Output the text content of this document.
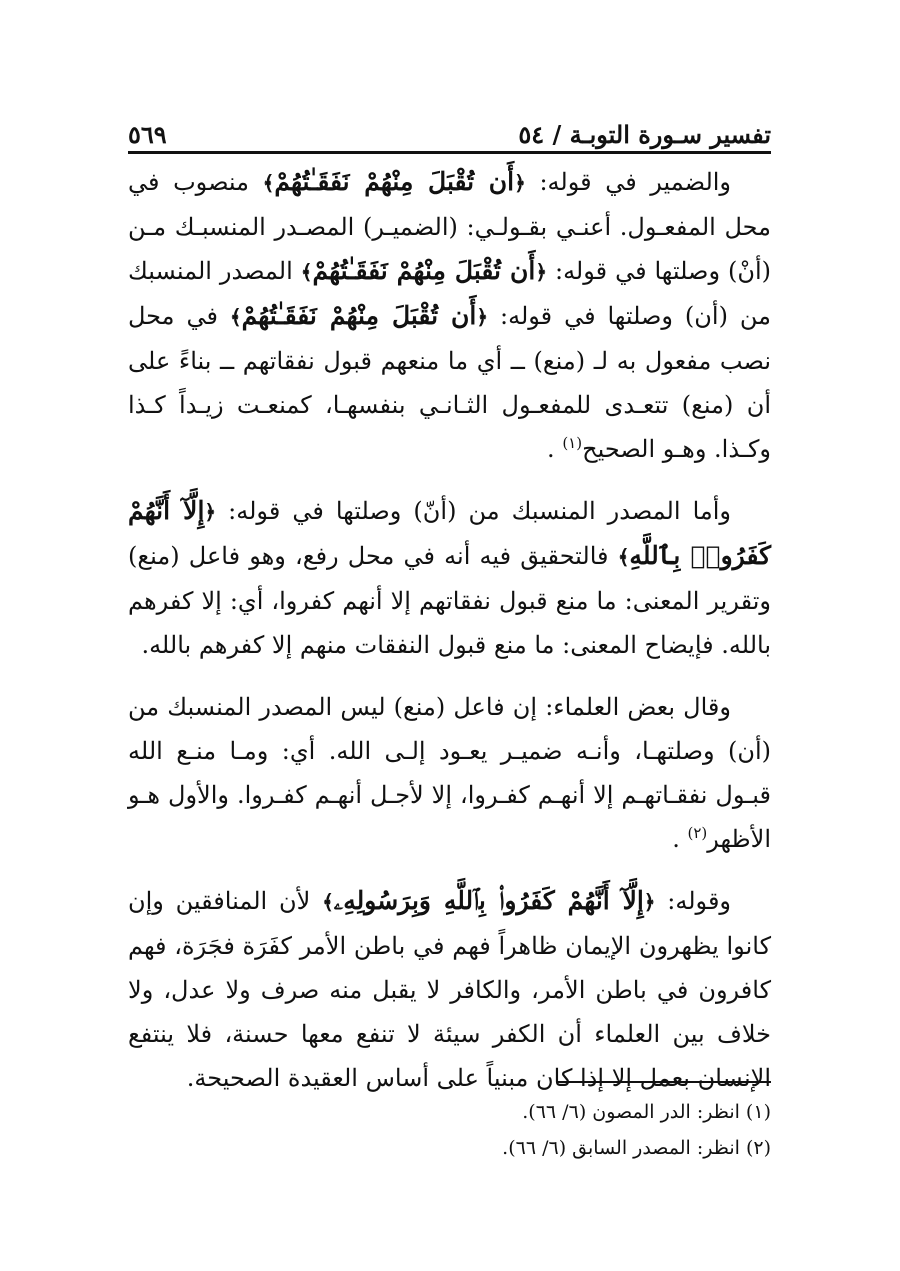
تفسير سـورة التوبـة / ٥٤
٥٦٩

والضمير في قوله: ﴿أَن تُقْبَلَ مِنْهُمْ نَفَقَـٰتُهُمْ﴾ منصوب في محل المفعـول. أعنـي بقـولـي: (الضميـر) المصـدر المنسبـك مـن (أنْ) وصلتها في قوله: ﴿أَن تُقْبَلَ مِنْهُمْ نَفَقَـٰتُهُمْ﴾ المصدر المنسبك من (أن) وصلتها في قوله: ﴿أَن تُقْبَلَ مِنْهُمْ نَفَقَـٰتُهُمْ﴾ في محل نصب مفعول به لـ (منع) ــ أي ما منعهم قبول نفقاتهم ــ بناءً على أن (منع) تتعـدى للمفعـول الثـانـي بنفسهـا، كمنعـت زيـداً كـذا وكـذا. وهـو الصحيح$^{(١)}$ .

وأما المصدر المنسبك من (أنّ) وصلتها في قوله: ﴿إِلَّآ أَنَّهُمْ كَفَرُوا۟ بِٱللَّهِ﴾ فالتحقيق فيه أنه في محل رفع، وهو فاعل (منع) وتقرير المعنى: ما منع قبول نفقاتهم إلا أنهم كفروا، أي: إلا كفرهم بالله. فإيضاح المعنى: ما منع قبول النفقات منهم إلا كفرهم بالله.

وقال بعض العلماء: إن فاعل (منع) ليس المصدر المنسبك من (أن) وصلتهـا، وأنـه ضميـر يعـود إلـى الله. أي: ومـا منـع الله قبـول نفقـاتهـم إلا أنهـم كفـروا، إلا لأجـل أنهـم كفـروا. والأول هـو الأظهر$^{(٢)}$ .

وقوله: ﴿إِلَّآ أَنَّهُمْ كَفَرُوا۟ بِٱللَّهِ وَبِرَسُولِهِۦ﴾ لأن المنافقين وإن كانوا يظهرون الإيمان ظاهراً فهم في باطن الأمر كفَرَة فجَرَة، فهم كافرون في باطن الأمر، والكافر لا يقبل منه صرف ولا عدل، ولا خلاف بين العلماء أن الكفر سيئة لا تنفع معها حسنة، فلا ينتفع الإنسان بعمل إلا إذا كان مبنياً على أساس العقيدة الصحيحة.

(١) انظر: الدر المصون (٦/ ٦٦).
(٢) انظر: المصدر السابق (٦/ ٦٦).
